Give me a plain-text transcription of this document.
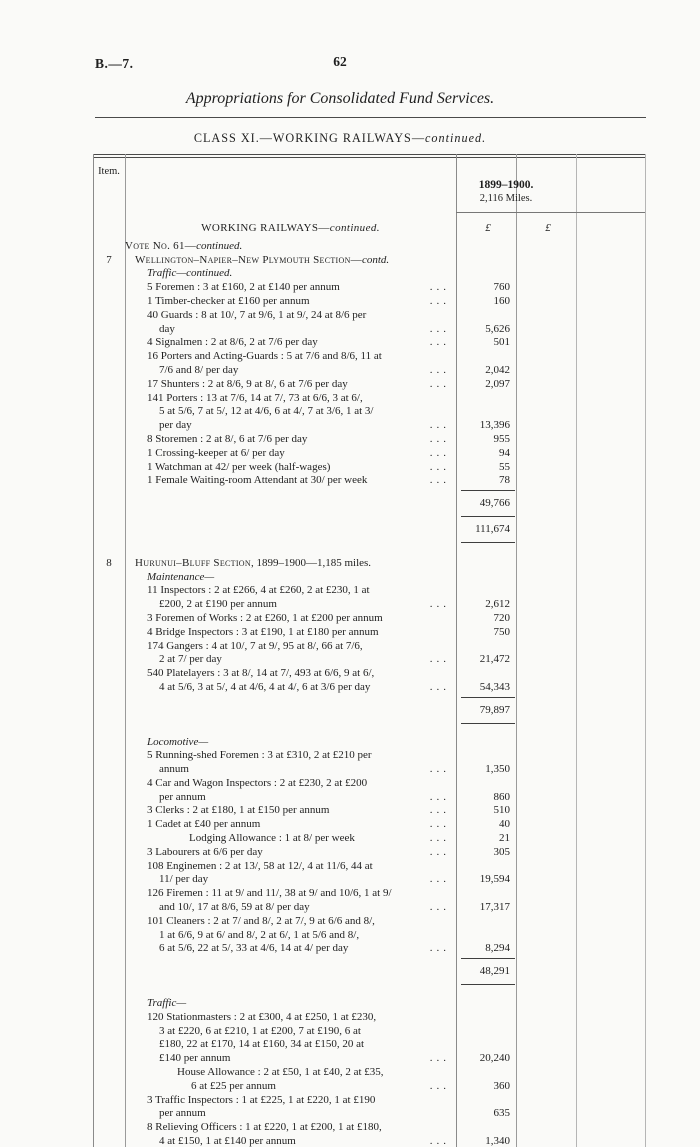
B.—7.	62
Appropriations for Consolidated Fund Services.
CLASS XI.—WORKING RAILWAYS—continued.
Item.
1899–1900.
2,116 Miles.
WORKING RAILWAYS—continued.	£	£
Vote No. 61— continued.
7	Wellington–Napier–New Plymouth Section— contd.
Traffic—continued.
5 Foremen : 3 at £160, 2 at £140 per annum	...	760
1 Timber-checker at £160 per annum	...	160
40 Guards : 8 at 10/, 7 at 9/6, 1 at 9/, 24 at 8/6 per
day	...	5,626
4 Signalmen : 2 at 8/6, 2 at 7/6 per day	...	501
16 Porters and Acting-Guards : 5 at 7/6 and 8/6, 11 at
7/6 and 8/ per day	...	2,042
17 Shunters : 2 at 8/6, 9 at 8/, 6 at 7/6 per day	...	2,097
141 Porters : 13 at 7/6, 14 at 7/, 73 at 6/6, 3 at 6/,
5 at 5/6, 7 at 5/, 12 at 4/6, 6 at 4/, 7 at 3/6, 1 at 3/
per day	...	13,396
8 Storemen : 2 at 8/, 6 at 7/6 per day	...	955
1 Crossing-keeper at 6/ per day	...	94
1 Watchman at 42/ per week (half-wages)	...	55
1 Female Waiting-room Attendant at 30/ per week	...	78
49,766
111,674
8	Hurunui–Bluff Section , 1899–1900—1,185 miles.
Maintenance—
11 Inspectors : 2 at £266, 4 at £260, 2 at £230, 1 at
£200, 2 at £190 per annum	...	2,612
3 Foremen of Works : 2 at £260, 1 at £200 per annum	720
4 Bridge Inspectors : 3 at £190, 1 at £180 per annum	750
174 Gangers : 4 at 10/, 7 at 9/, 95 at 8/, 66 at 7/6,
2 at 7/ per day	...	21,472
540 Platelayers : 3 at 8/, 14 at 7/, 493 at 6/6, 9 at 6/,
4 at 5/6, 3 at 5/, 4 at 4/6, 4 at 4/, 6 at 3/6 per day	...	54,343
79,897
Locomotive—
5 Running-shed Foremen : 3 at £310, 2 at £210 per
annum	...	1,350
4 Car and Wagon Inspectors : 2 at £230, 2 at £200
per annum	...	860
3 Clerks : 2 at £180, 1 at £150 per annum	...	510
1 Cadet at £40 per annum	...	40
Lodging Allowance : 1 at 8/ per week	...	21
3 Labourers at 6/6 per day	...	305
108 Enginemen : 2 at 13/, 58 at 12/, 4 at 11/6, 44 at
11/ per day	...	19,594
126 Firemen : 11 at 9/ and 11/, 38 at 9/ and 10/6, 1 at 9/
and 10/, 17 at 8/6, 59 at 8/ per day	...	17,317
101 Cleaners : 2 at 7/ and 8/, 2 at 7/, 9 at 6/6 and 8/,
1 at 6/6, 9 at 6/ and 8/, 2 at 6/, 1 at 5/6 and 8/,
6 at 5/6, 22 at 5/, 33 at 4/6, 14 at 4/ per day	...	8,294
48,291
Traffic—
120 Stationmasters : 2 at £300, 4 at £250, 1 at £230,
3 at £220, 6 at £210, 1 at £200, 7 at £190, 6 at
£180, 22 at £170, 14 at £160, 34 at £150, 20 at
£140 per annum	...	20,240
House Allowance : 2 at £50, 1 at £40, 2 at £35,
6 at £25 per annum	...	360
3 Traffic Inspectors : 1 at £225, 1 at £220, 1 at £190
per annum	635
8 Relieving Officers : 1 at £220, 1 at £200, 1 at £180,
4 at £150, 1 at £140 per annum	...	1,340
